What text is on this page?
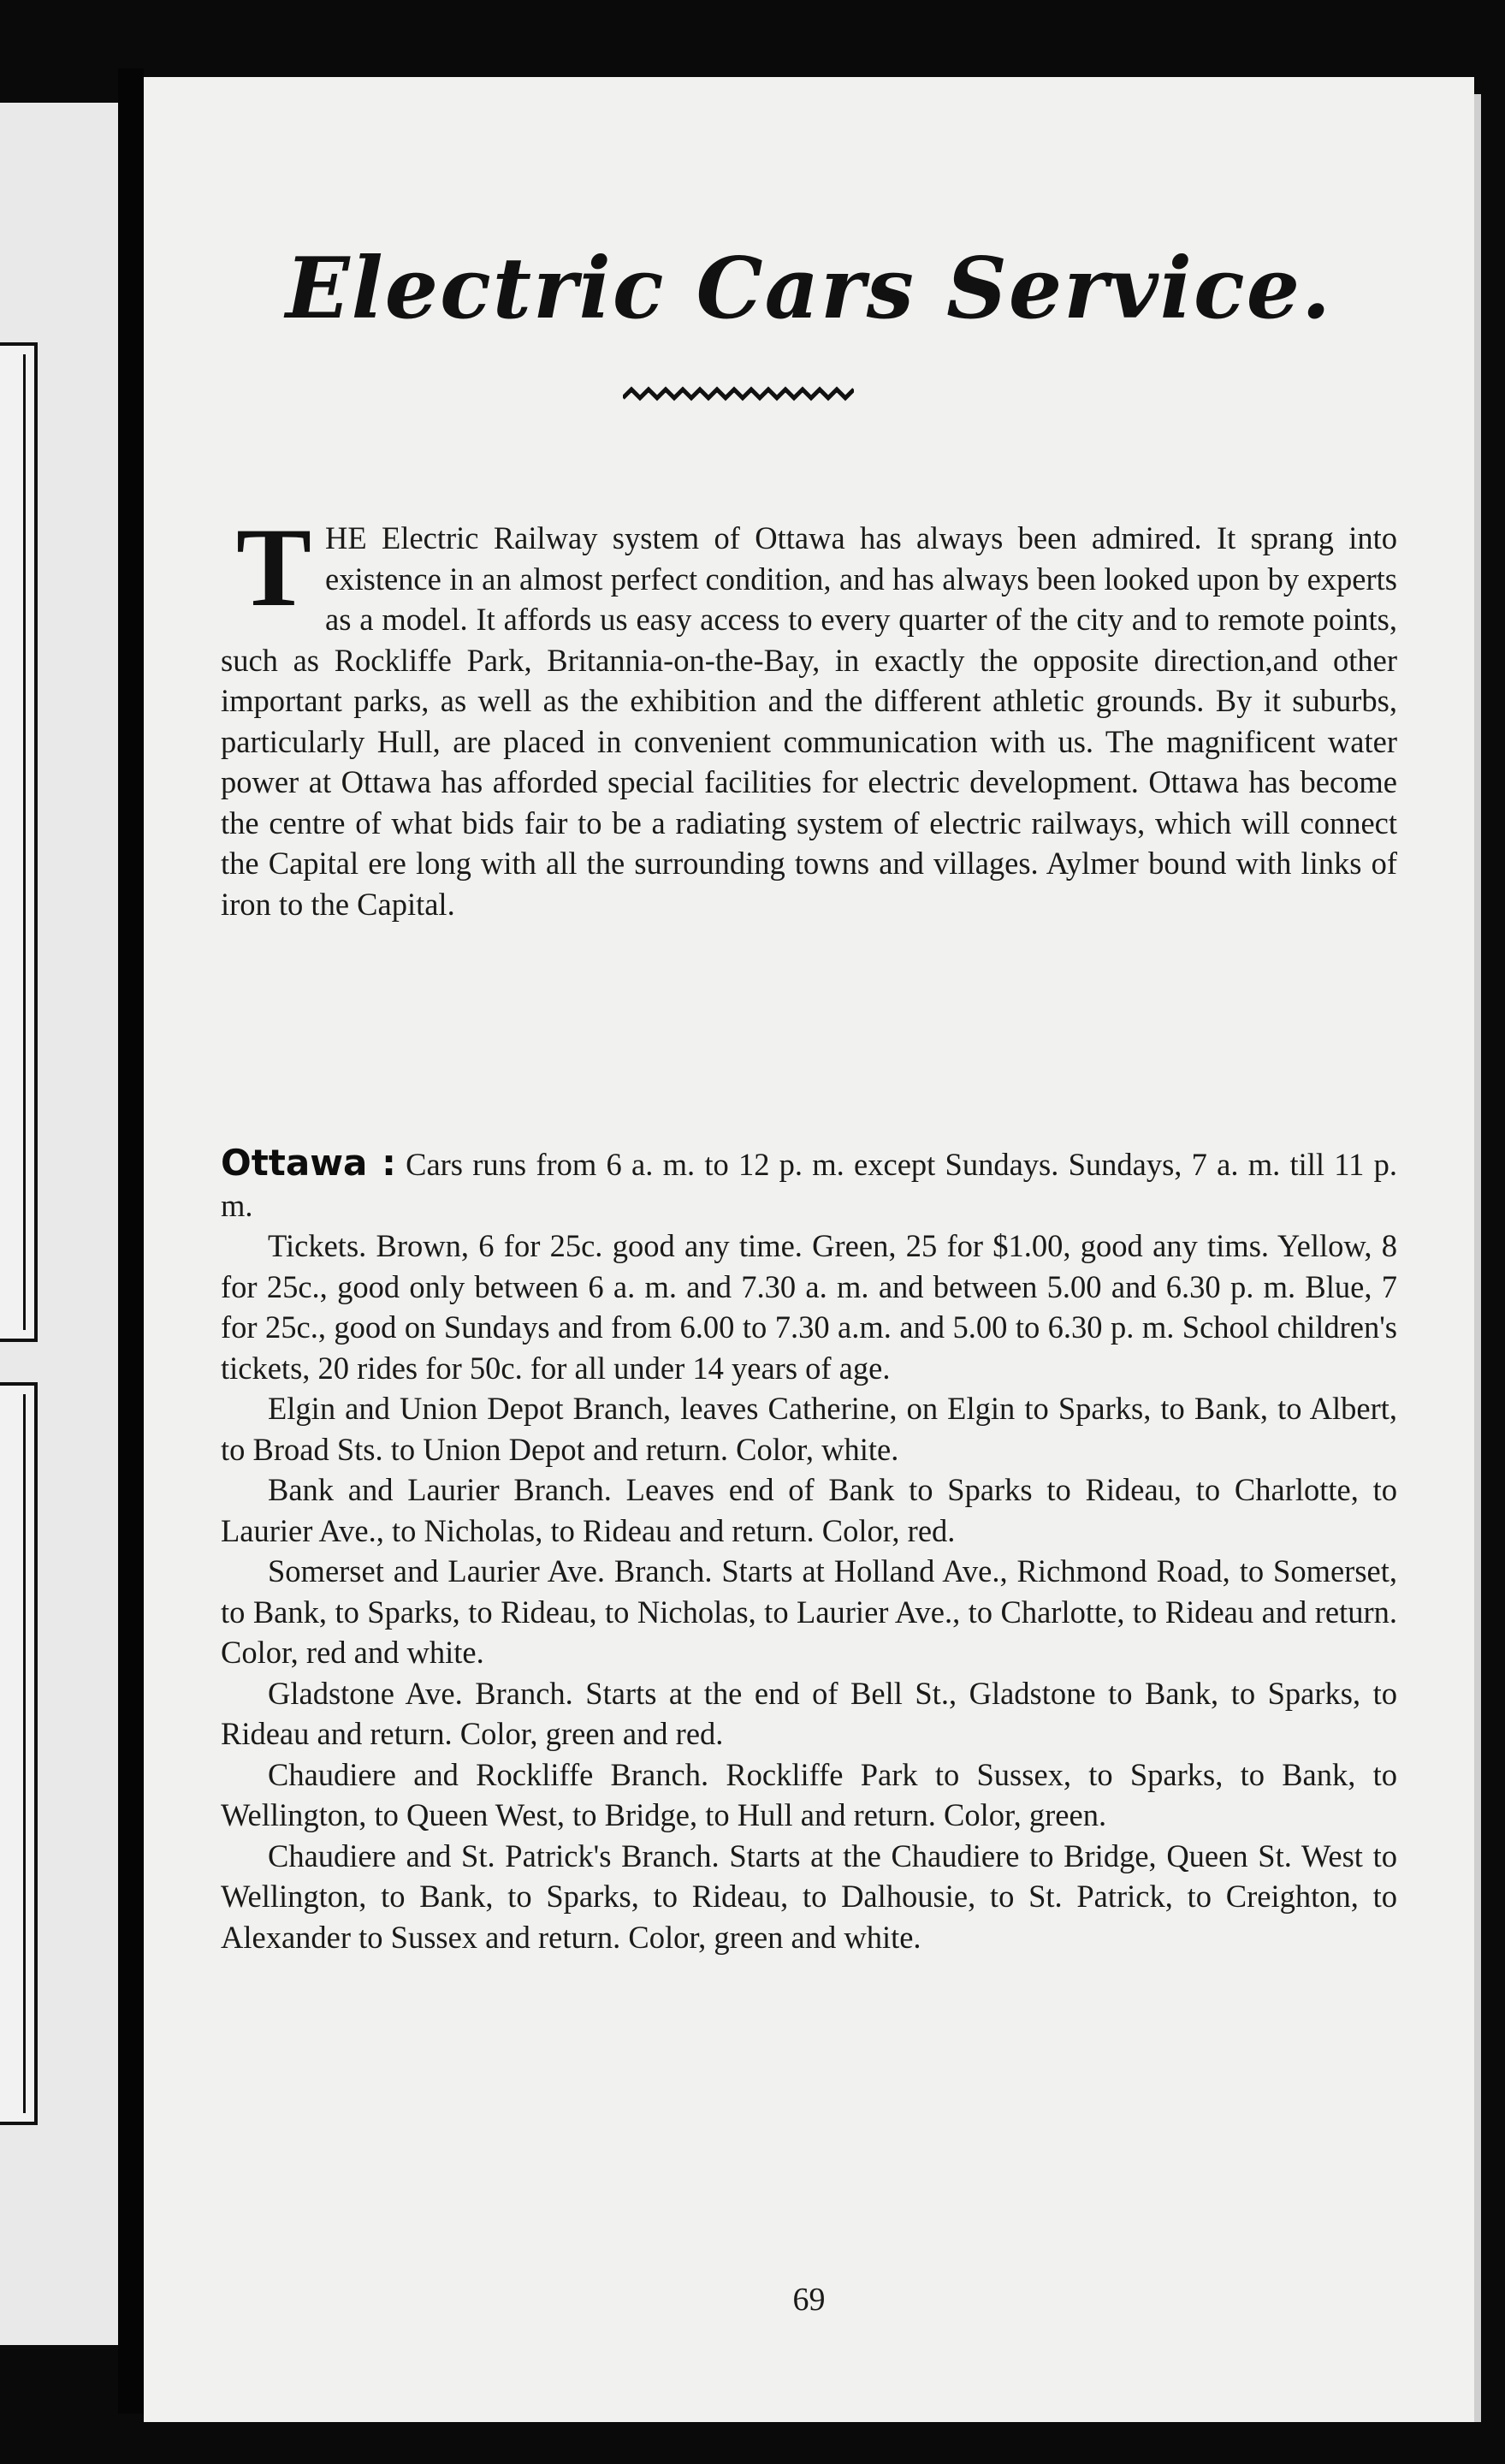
Electric Cars Service.
THE Electric Railway system of Ottawa has always been admired. It sprang into existence in an almost perfect condition, and has always been looked upon by experts as a model. It affords us easy access to every quarter of the city and to remote points, such as Rockliffe Park, Britannia-on-the-Bay, in exactly the opposite direction,and other important parks, as well as the exhibition and the different athletic grounds. By it suburbs, particularly Hull, are placed in convenient communication with us. The magnificent water power at Ottawa has afforded special facilities for electric development. Ottawa has become the centre of what bids fair to be a radiating system of electric railways, which will connect the Capital ere long with all the surrounding towns and villages. Aylmer bound with links of iron to the Capital.

Ottawa : Cars runs from 6 a. m. to 12 p. m. except Sundays. Sundays, 7 a. m. till 11 p. m.

Tickets. Brown, 6 for 25c. good any time. Green, 25 for $1.00, good any tims. Yellow, 8 for 25c., good only between 6 a. m. and 7.30 a. m. and between 5.00 and 6.30 p. m. Blue, 7 for 25c., good on Sundays and from 6.00 to 7.30 a.m. and 5.00 to 6.30 p. m. School children's tickets, 20 rides for 50c. for all under 14 years of age.

Elgin and Union Depot Branch, leaves Catherine, on Elgin to Sparks, to Bank, to Albert, to Broad Sts. to Union Depot and return. Color, white.

Bank and Laurier Branch. Leaves end of Bank to Sparks to Rideau, to Charlotte, to Laurier Ave., to Nicholas, to Rideau and return. Color, red.

Somerset and Laurier Ave. Branch. Starts at Holland Ave., Richmond Road, to Somerset, to Bank, to Sparks, to Rideau, to Nicholas, to Laurier Ave., to Charlotte, to Rideau and return. Color, red and white.

Gladstone Ave. Branch. Starts at the end of Bell St., Gladstone to Bank, to Sparks, to Rideau and return. Color, green and red.

Chaudiere and Rockliffe Branch. Rockliffe Park to Sussex, to Sparks, to Bank, to Wellington, to Queen West, to Bridge, to Hull and return. Color, green.

Chaudiere and St. Patrick's Branch. Starts at the Chaudiere to Bridge, Queen St. West to Wellington, to Bank, to Sparks, to Rideau, to Dalhousie, to St. Patrick, to Creighton, to Alexander to Sussex and return. Color, green and white.

69
